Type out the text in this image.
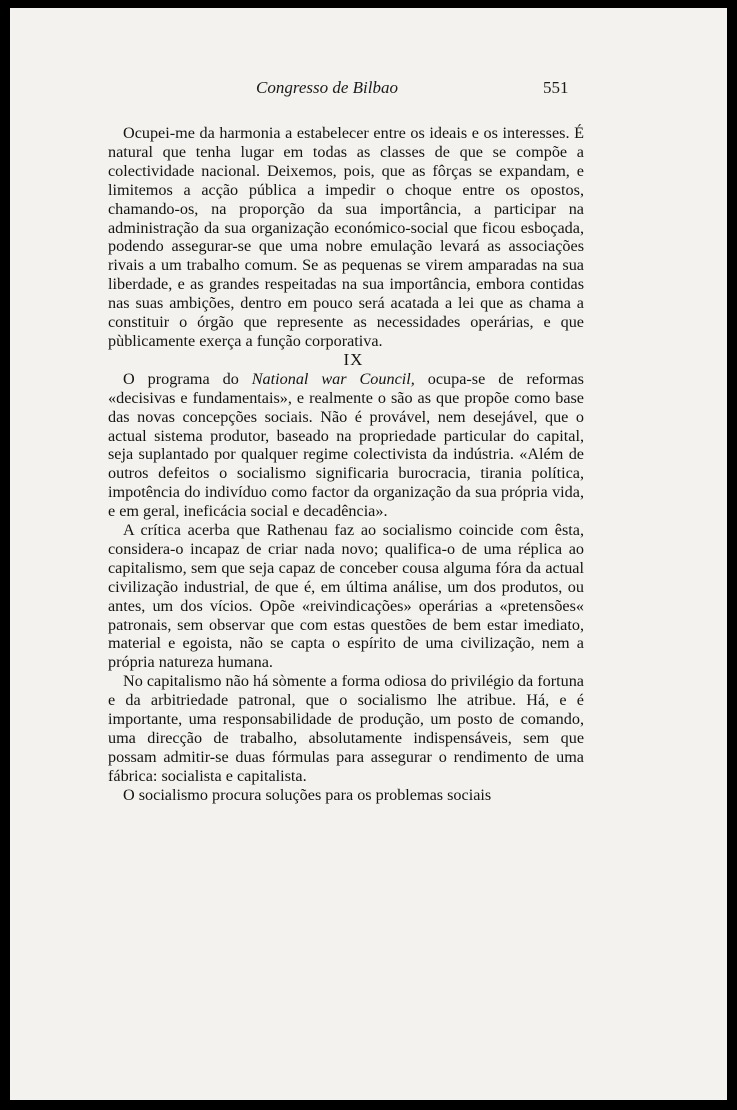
Congresso de Bilbao	551

Ocupei-me da harmonia a estabelecer entre os ideais e os interesses. É natural que tenha lugar em todas as classes de que se compõe a colectividade nacional. Deixemos, pois, que as fôrças se expandam, e limitemos a acção pública a impedir o choque entre os opostos, chamando-os, na proporção da sua importância, a participar na administração da sua organização económico-social que ficou esboçada, podendo assegurar-se que uma nobre emulação levará as associações rivais a um trabalho comum. Se as pequenas se virem amparadas na sua liberdade, e as grandes respeitadas na sua importância, embora contidas nas suas ambições, dentro em pouco será acatada a lei que as chama a constituir o órgão que represente as necessidades operárias, e que pùblicamente exerça a função corporativa.

IX

O programa do National war Council, ocupa-se de reformas «decisivas e fundamentais», e realmente o são as que propõe como base das novas concepções sociais. Não é provável, nem desejável, que o actual sistema produtor, baseado na propriedade particular do capital, seja suplantado por qualquer regime colectivista da indústria. «Além de outros defeitos o socialismo significaria burocracia, tirania política, impotência do indivíduo como factor da organização da sua própria vida, e em geral, ineficácia social e decadência».

A crítica acerba que Rathenau faz ao socialismo coincide com êsta, considera-o incapaz de criar nada novo; qualifica-o de uma réplica ao capitalismo, sem que seja capaz de conceber cousa alguma fóra da actual civilização industrial, de que é, em última análise, um dos produtos, ou antes, um dos vícios. Opõe «reivindicações» operárias a «pretensões« patronais, sem observar que com estas questões de bem estar imediato, material e egoista, não se capta o espírito de uma civilização, nem a própria natureza humana.

No capitalismo não há sòmente a forma odiosa do privilégio da fortuna e da arbitriedade patronal, que o socialismo lhe atribue. Há, e é importante, uma responsabilidade de produção, um posto de comando, uma direcção de trabalho, absolutamente indispensáveis, sem que possam admitir-se duas fórmulas para assegurar o rendimento de uma fábrica: socialista e capitalista.

O socialismo procura soluções para os problemas sociais
